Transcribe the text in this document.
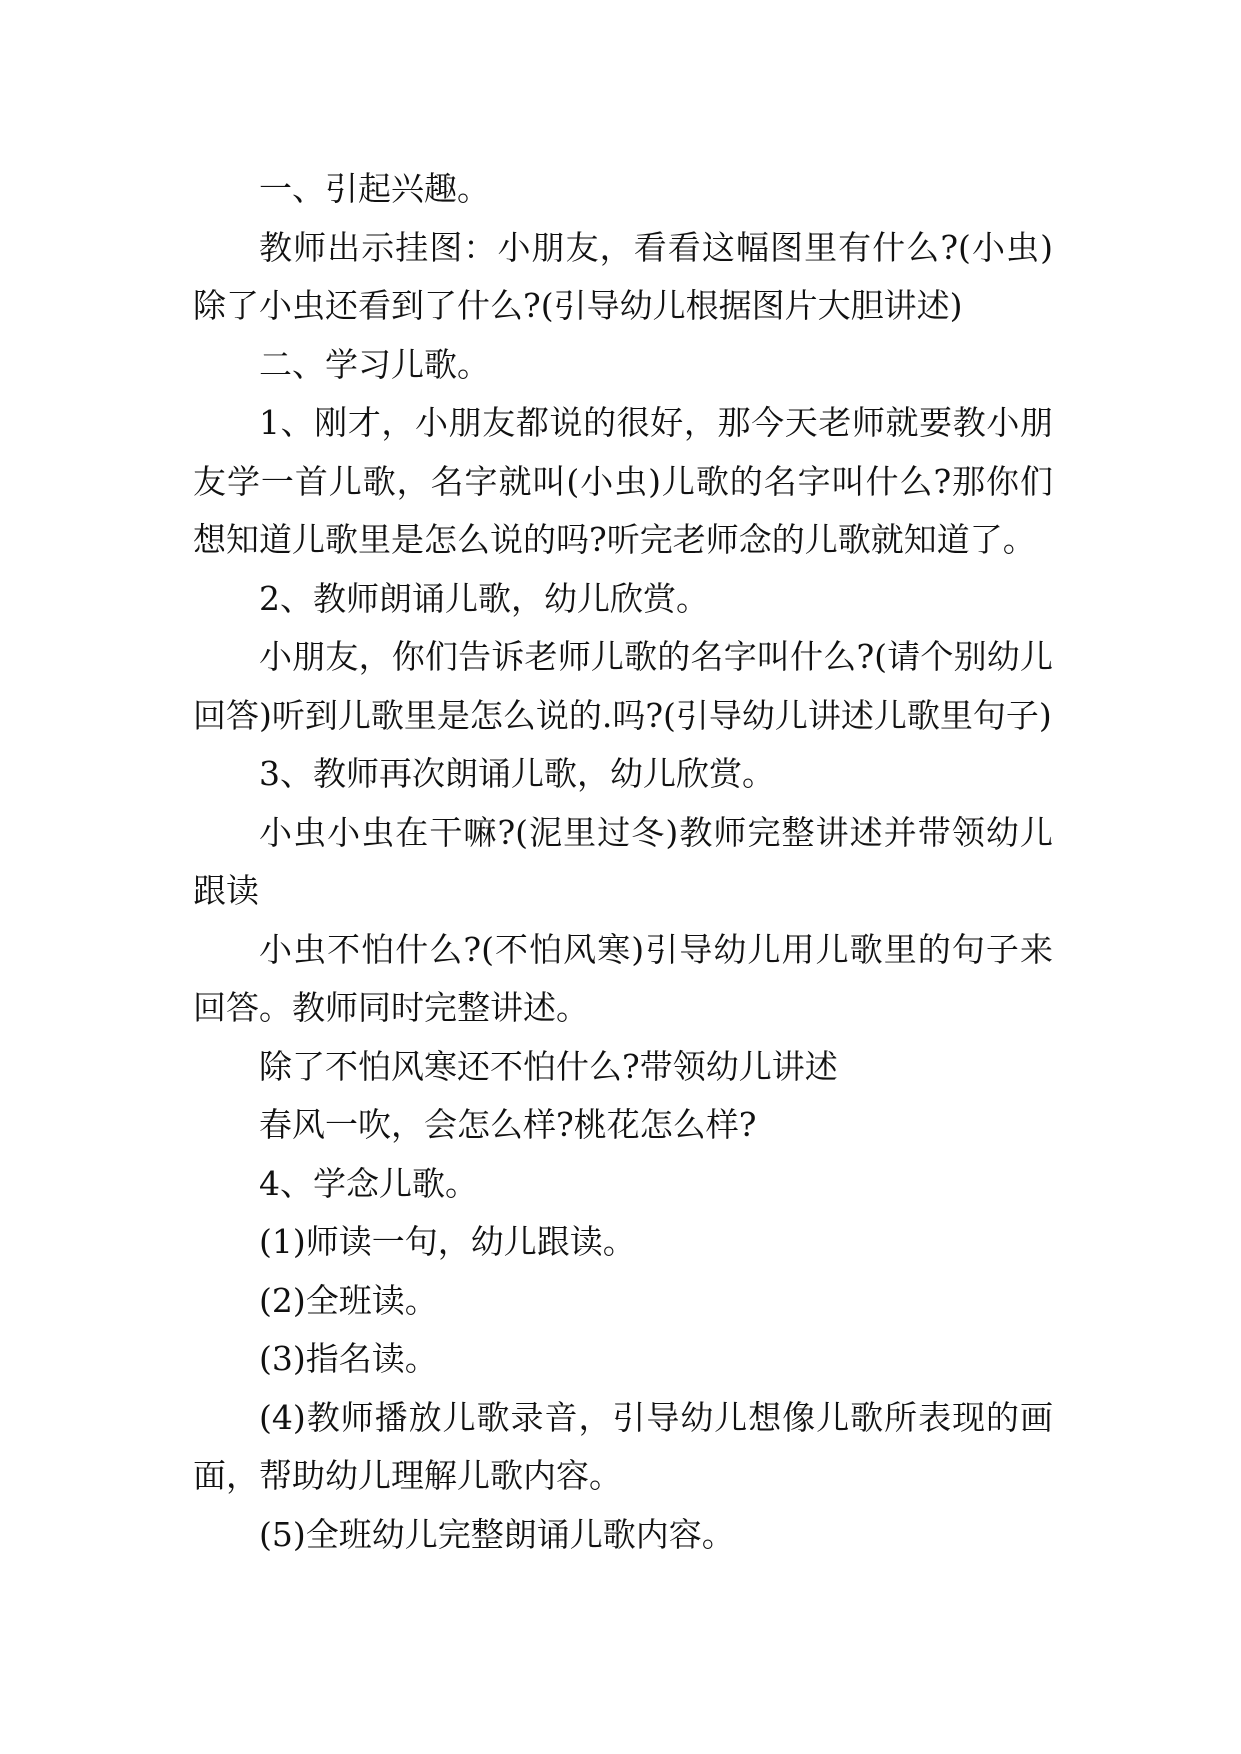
一、引起兴趣。

教师出示挂图：小朋友，看看这幅图里有什么?(小虫)除了小虫还看到了什么?(引导幼儿根据图片大胆讲述)

二、学习儿歌。

1、刚才，小朋友都说的很好，那今天老师就要教小朋友学一首儿歌，名字就叫(小虫)儿歌的名字叫什么?那你们想知道儿歌里是怎么说的吗?听完老师念的儿歌就知道了。

2、教师朗诵儿歌，幼儿欣赏。

小朋友，你们告诉老师儿歌的名字叫什么?(请个别幼儿回答)听到儿歌里是怎么说的.吗?(引导幼儿讲述儿歌里句子)

3、教师再次朗诵儿歌，幼儿欣赏。

小虫小虫在干嘛?(泥里过冬)教师完整讲述并带领幼儿跟读

小虫不怕什么?(不怕风寒)引导幼儿用儿歌里的句子来回答。教师同时完整讲述。

除了不怕风寒还不怕什么?带领幼儿讲述

春风一吹，会怎么样?桃花怎么样?

4、学念儿歌。

(1)师读一句，幼儿跟读。

(2)全班读。

(3)指名读。

(4)教师播放儿歌录音，引导幼儿想像儿歌所表现的画面，帮助幼儿理解儿歌内容。

(5)全班幼儿完整朗诵儿歌内容。
